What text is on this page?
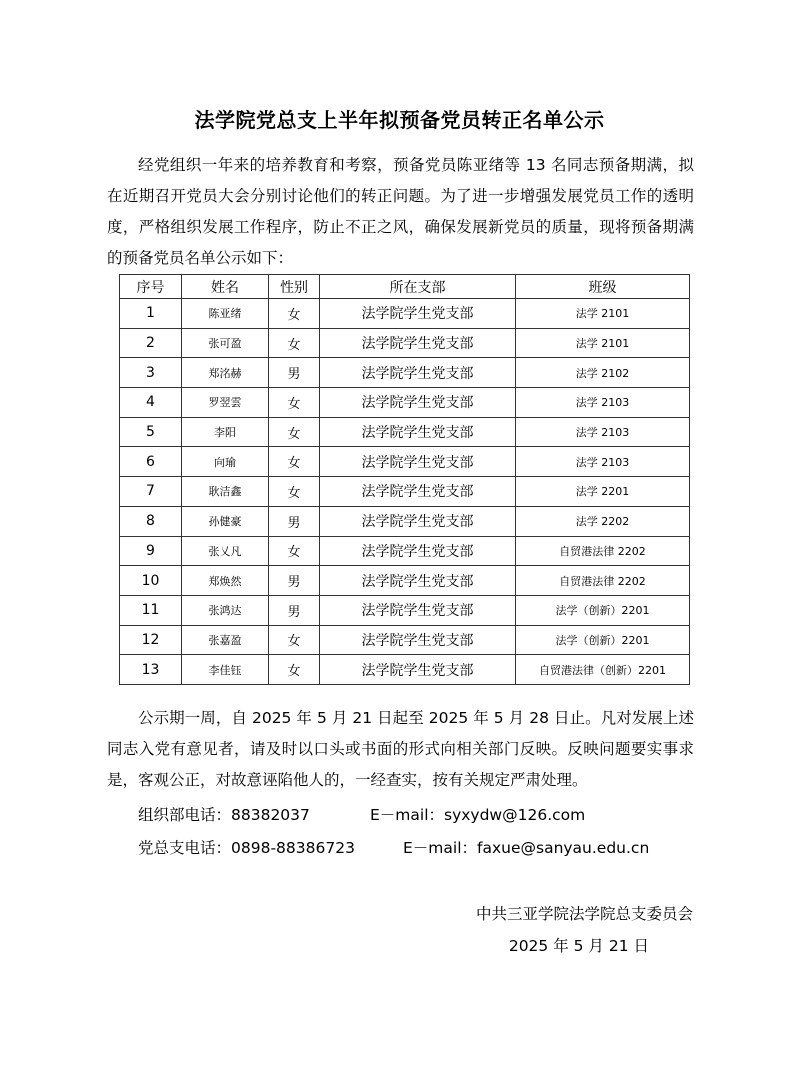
法学院党总支上半年拟预备党员转正名单公示

经党组织一年来的培养教育和考察，预备党员陈亚绪等 13 名同志预备期满，拟在近期召开党员大会分别讨论他们的转正问题。为了进一步增强发展党员工作的透明度，严格组织发展工作程序，防止不正之风，确保发展新党员的质量，现将预备期满的预备党员名单公示如下：

序号	姓名	性别	所在支部	班级
1	陈亚绪	女	法学院学生党支部	法学 2101
2	张可盈	女	法学院学生党支部	法学 2101
3	郑洺赫	男	法学院学生党支部	法学 2102
4	罗翌雲	女	法学院学生党支部	法学 2103
5	李阳	女	法学院学生党支部	法学 2103
6	向瑜	女	法学院学生党支部	法学 2103
7	耿洁鑫	女	法学院学生党支部	法学 2201
8	孙健豪	男	法学院学生党支部	法学 2202
9	张乂凡	女	法学院学生党支部	自贸港法律 2202
10	郑焕然	男	法学院学生党支部	自贸港法律 2202
11	张鸿达	男	法学院学生党支部	法学（创新）2201
12	张嘉盈	女	法学院学生党支部	法学（创新）2201
13	李佳钰	女	法学院学生党支部	自贸港法律（创新）2201

公示期一周，自 2025 年 5 月 21 日起至 2025 年 5 月 28 日止。凡对发展上述同志入党有意见者，请及时以口头或书面的形式向相关部门反映。反映问题要实事求是，客观公正，对故意诬陷他人的，一经查实，按有关规定严肃处理。

组织部电话：88382037	E－mail：syxydw@126.com
党总支电话：0898-88386723	E－mail：faxue@sanyau.edu.cn
中共三亚学院法学院总支委员会
2025 年 5 月 21 日
